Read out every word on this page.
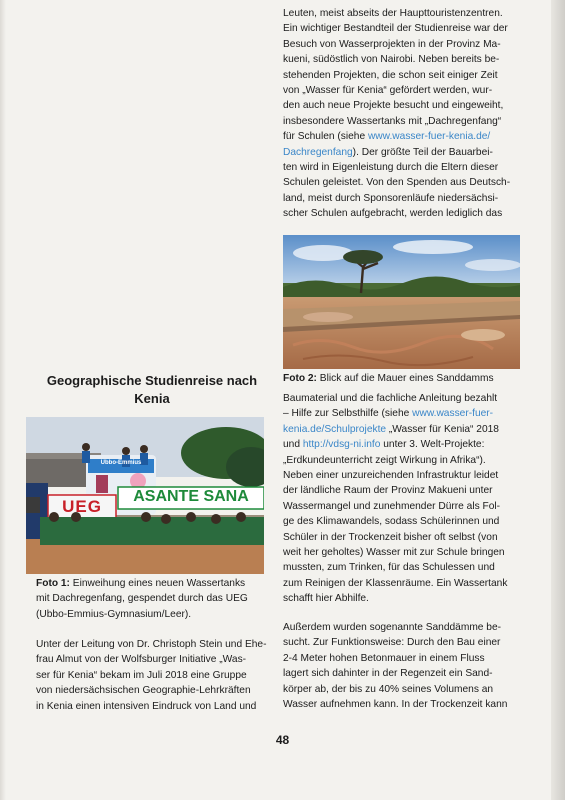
Leuten, meist abseits der Haupttouristenzentren.

Ein wichtiger Bestandteil der Studienreise war der

Besuch von Wasserprojekten in der Provinz Ma-

kueni, südöstlich von Nairobi. Neben bereits be-

stehenden Projekten, die schon seit einiger Zeit

von „Wasser für Kenia“ gefördert werden, wur-

den auch neue Projekte besucht und eingeweiht,

insbesondere Wassertanks mit „Dachregenfang“

für Schulen (siehe www.wasser-fuer-kenia.de/

Dachregenfang). Der größte Teil der Bauarbei-

ten wird in Eigenleistung durch die Eltern dieser

Schulen geleistet. Von den Spenden aus Deutsch-

land, meist durch Sponsorenläufe niedersächsi-

scher Schulen aufgebracht, werden lediglich das

Foto 2: Blick auf die Mauer eines Sanddamms

Baumaterial und die fachliche Anleitung bezahlt

– Hilfe zur Selbsthilfe (siehe www.wasser-fuer-

kenia.de/Schulprojekte „Wasser für Kenia“ 2018

und http://vdsg-ni.info unter 3. Welt-Projekte:

„Erdkundeunterricht zeigt Wirkung in Afrika“).

Neben einer unzureichenden Infrastruktur leidet

der ländliche Raum der Provinz Makueni unter

Wassermangel und zunehmender Dürre als Fol-

ge des Klimawandels, sodass Schülerinnen und

Schüler in der Trockenzeit bisher oft selbst (von

weit her geholtes) Wasser mit zur Schule bringen

mussten, zum Trinken, für das Schulessen und

zum Reinigen der Klassenräume. Ein Wassertank

schafft hier Abhilfe.

Außerdem wurden sogenannte Sanddämme be-

sucht. Zur Funktionsweise: Durch den Bau einer

2-4 Meter hohen Betonmauer in einem Fluss

lagert sich dahinter in der Regenzeit ein Sand-

körper ab, der bis zu 40% seines Volumens an

Wasser aufnehmen kann. In der Trockenzeit kann

Geographische Studienreise nach
Kenia
Ubbo-Emmius
UEG
ASANTE SANA
Foto 1: Einweihung eines neuen Wassertanks
mit Dachregenfang, gespendet durch das UEG
(Ubbo-Emmius-Gymnasium/Leer).

Unter der Leitung von Dr. Christoph Stein und Ehe-

frau Almut von der Wolfsburger Initiative „Was-

ser für Kenia“ bekam im Juli 2018 eine Gruppe

von niedersächsischen Geographie-Lehrkräften

in Kenia einen intensiven Eindruck von Land und

48
